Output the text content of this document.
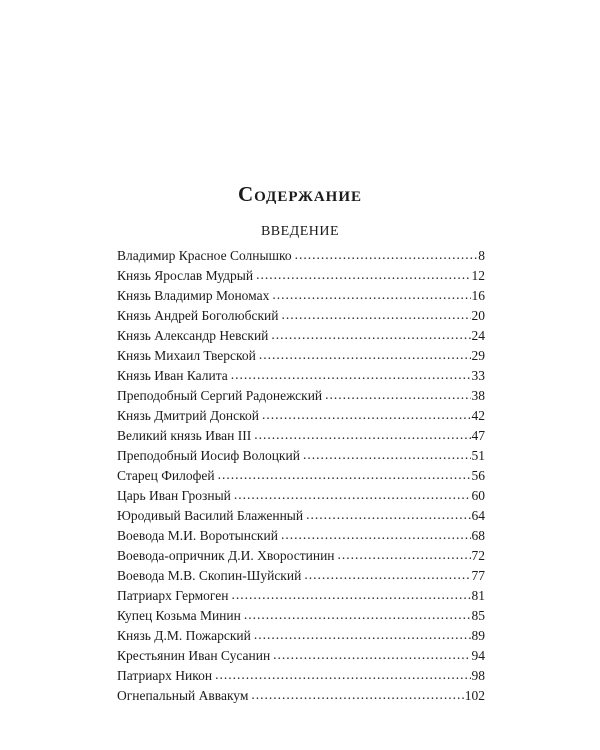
Содержание
ВВЕДЕНИЕ
Владимир Красное Солнышко .....	8
Князь Ярослав Мудрый .....	12
Князь Владимир Мономах .....	16
Князь Андрей Боголюбский .....	20
Князь Александр Невский .....	24
Князь Михаил Тверской .....	29
Князь Иван Калита .....	33
Преподобный Сергий Радонежский .....	38
Князь Дмитрий Донской .....	42
Великий князь Иван III .....	47
Преподобный Иосиф Волоцкий .....	51
Старец Филофей .....	56
Царь Иван Грозный .....	60
Юродивый Василий Блаженный .....	64
Воевода М.И. Воротынский .....	68
Воевода-опричник Д.И. Хворостинин .....	72
Воевода М.В. Скопин-Шуйский .....	77
Патриарх Гермоген .....	81
Купец Козьма Минин .....	85
Князь Д.М. Пожарский .....	89
Крестьянин Иван Сусанин .....	94
Патриарх Никон .....	98
Огнепальный Аввакум .....	102
